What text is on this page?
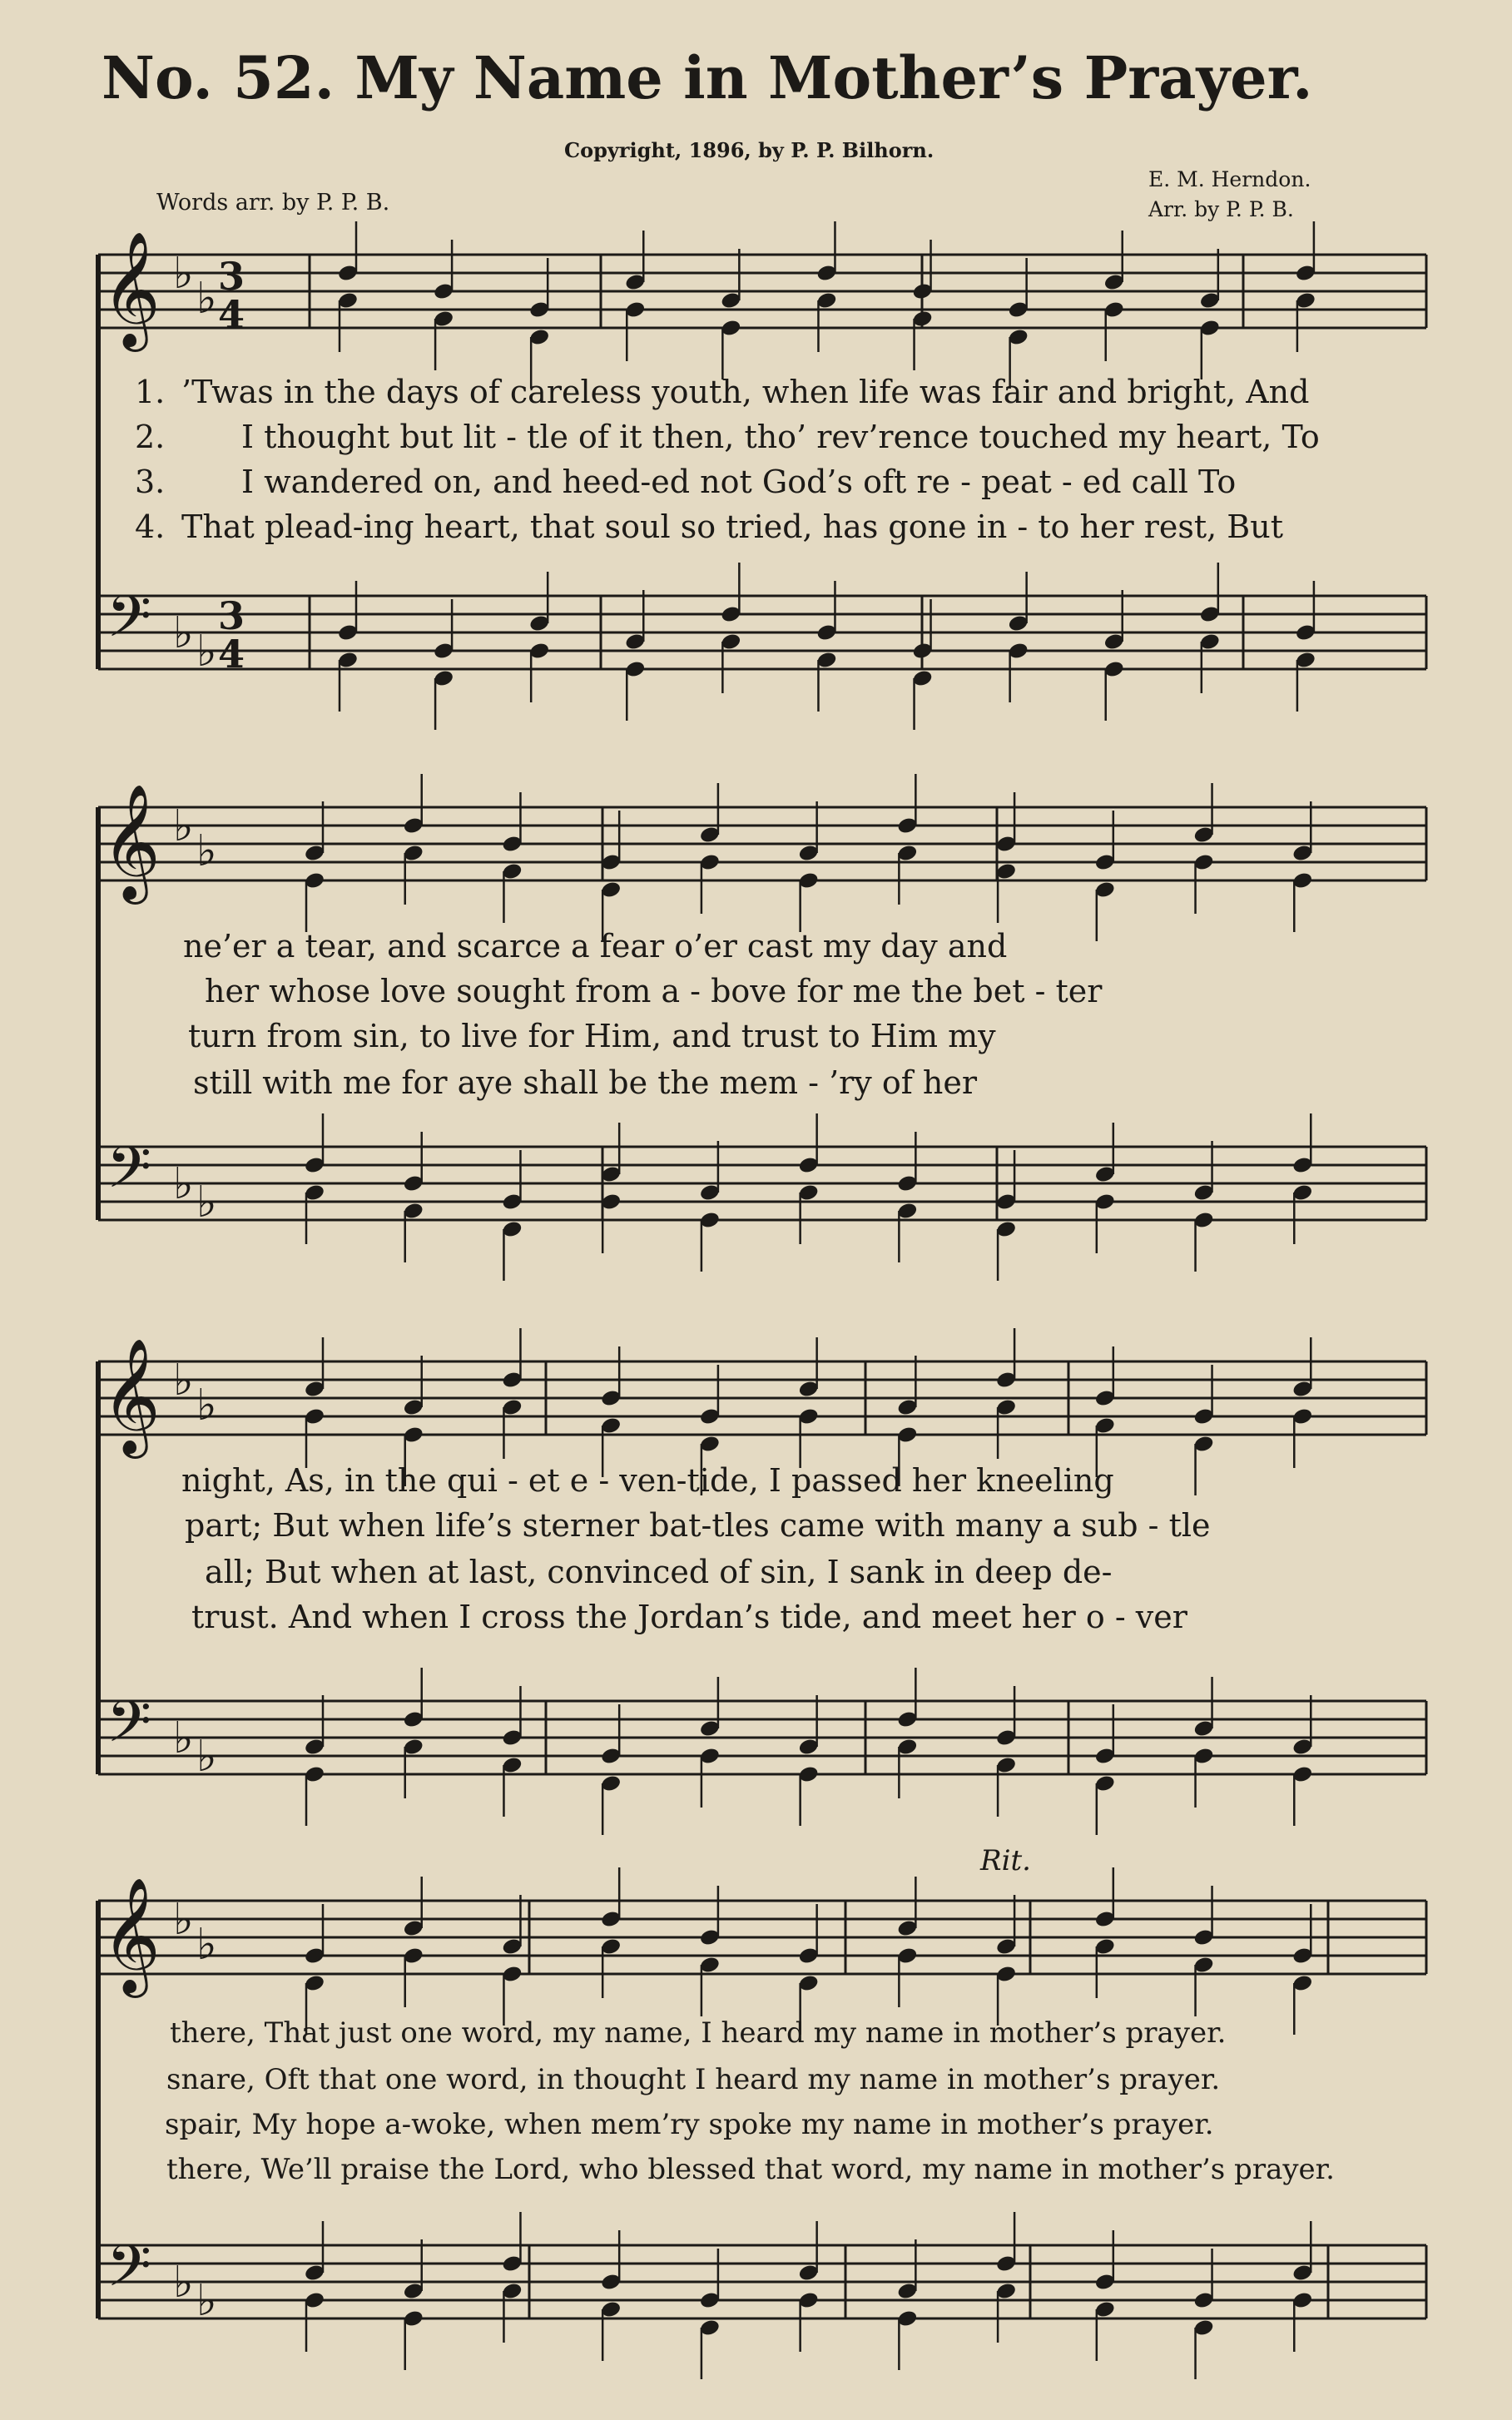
No. 52. My Name in Mother’s Prayer.
Copyright, 1896, by P. P. Bilhorn.
Words arr. by P. P. B.
E. M. Herndon.
Arr. by P. P. B.
Rit.
𝄞 ♭ ♭
𝄢 ♭ ♭
𝄞 ♭ ♭
𝄢 ♭ ♭
𝄞 ♭ ♭
𝄢 ♭ ♭
𝄞 ♭ ♭
𝄢 ♭ ♭
3
4
3
4
1. ’Twas in the days of careless youth, when life was fair and bright, And
2. I thought but lit - tle of it then, tho’ rev’rence touched my heart, To
3. I wandered on, and heed-ed not God’s oft re - peat - ed call To
4. That plead-ing heart, that soul so tried, has gone in - to her rest, But
ne’er a tear, and scarce a fear o’er cast my day and
her whose love sought from a - bove for me the bet - ter
turn from sin, to live for Him, and trust to Him my
still with me for aye shall be the mem - ’ry of her
night, As, in the qui - et e - ven-tide, I passed her kneeling
part; But when life’s sterner bat-tles came with many a sub - tle
all; But when at last, convinced of sin, I sank in deep de-
trust. And when I cross the Jordan’s tide, and meet her o - ver
there, That just one word, my name, I heard my name in mother’s prayer.
snare, Oft that one word, in thought I heard my name in mother’s prayer.
spair, My hope a-woke, when mem’ry spoke my name in mother’s prayer.
there, We’ll praise the Lord, who blessed that word, my name in mother’s prayer.
